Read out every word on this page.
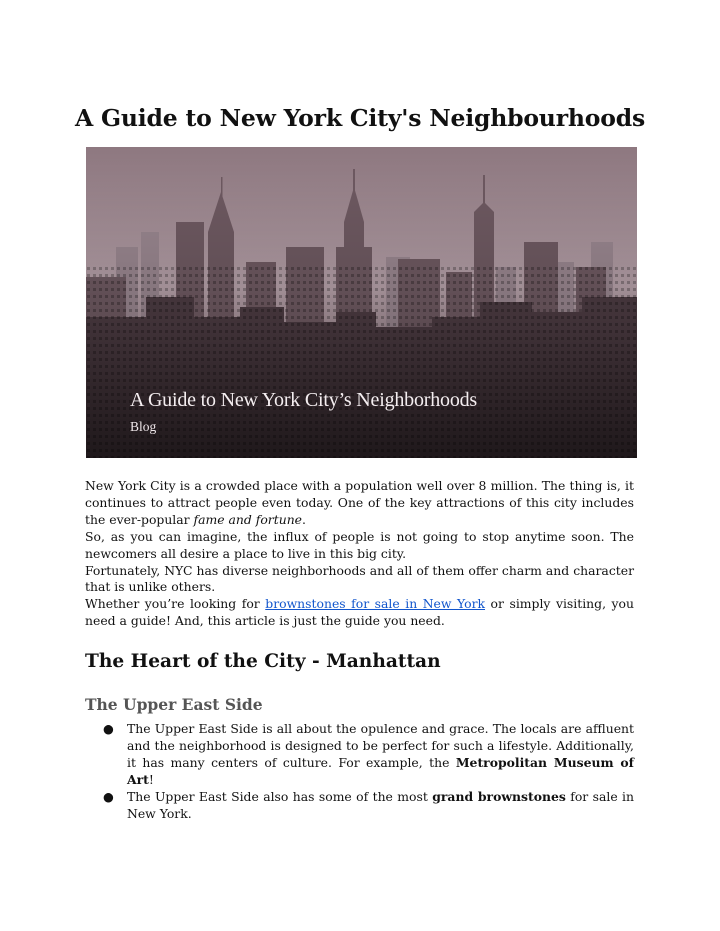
A Guide to New York City's Neighbourhoods
A Guide to New York City’s Neighborhoods
Blog

New York City is a crowded place with a population well over 8 million. The thing is, it continues to attract people even today. One of the key attractions of this city includes the ever-popular fame and fortune.

So, as you can imagine, the influx of people is not going to stop anytime soon. The newcomers all desire a place to live in this big city.

Fortunately, NYC has diverse neighborhoods and all of them offer charm and character that is unlike others.

Whether you’re looking for brownstones for sale in New York or simply visiting, you need a guide! And, this article is just the guide you need.

The Heart of the City - Manhattan
The Upper East Side
● The Upper East Side is all about the opulence and grace. The locals are affluent and the neighborhood is designed to be perfect for such a lifestyle. Additionally, it has many centers of culture. For example, the Metropolitan Museum of Art!
● The Upper East Side also has some of the most grand brownstones for sale in New York.
